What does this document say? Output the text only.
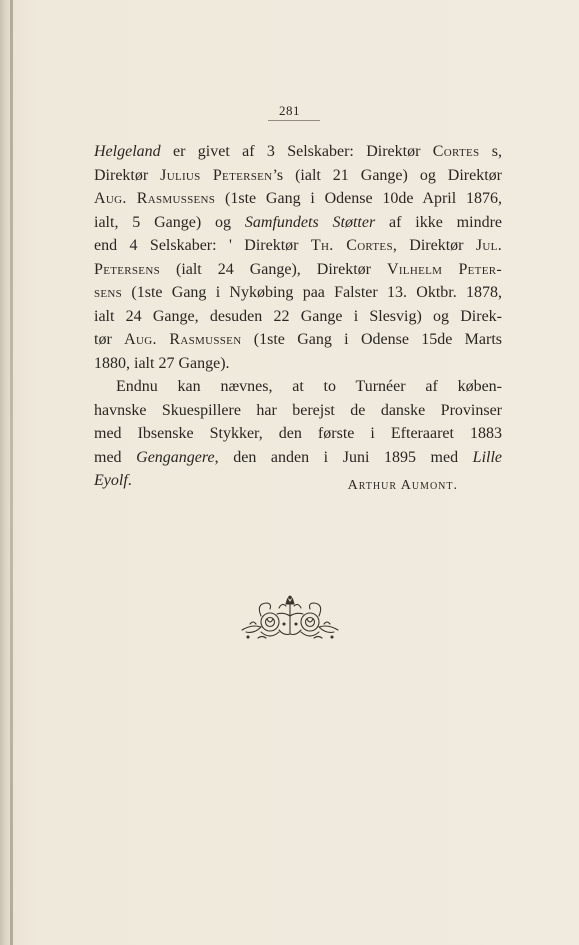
281
Helgeland er givet af 3 Selskaber: Direktør Cortes s,
Direktør Julius Petersen’s (ialt 21 Gange) og Direktør
Aug. Rasmussens (1ste Gang i Odense 10de April 1876,
ialt, 5 Gange) og Samfundets Støtter af ikke mindre
end 4 Selskaber: ' Direktør Th. Cortes, Direktør Jul.
Petersens (ialt 24 Gange), Direktør Vilhelm Peter-
sens (1ste Gang i Nykøbing paa Falster 13. Oktbr. 1878,
ialt 24 Gange, desuden 22 Gange i Slesvig) og Direk-
tør Aug. Rasmussen (1ste Gang i Odense 15de Marts
1880, ialt 27 Gange).
Endnu kan nævnes, at to Turnéer af køben-
havnske Skuespillere har berejst de danske Provinser
med Ibsenske Stykker, den første i Efteraaret 1883
med Gengangere, den anden i Juni 1895 med Lille
Eyolf.	Arthur Aumont.
